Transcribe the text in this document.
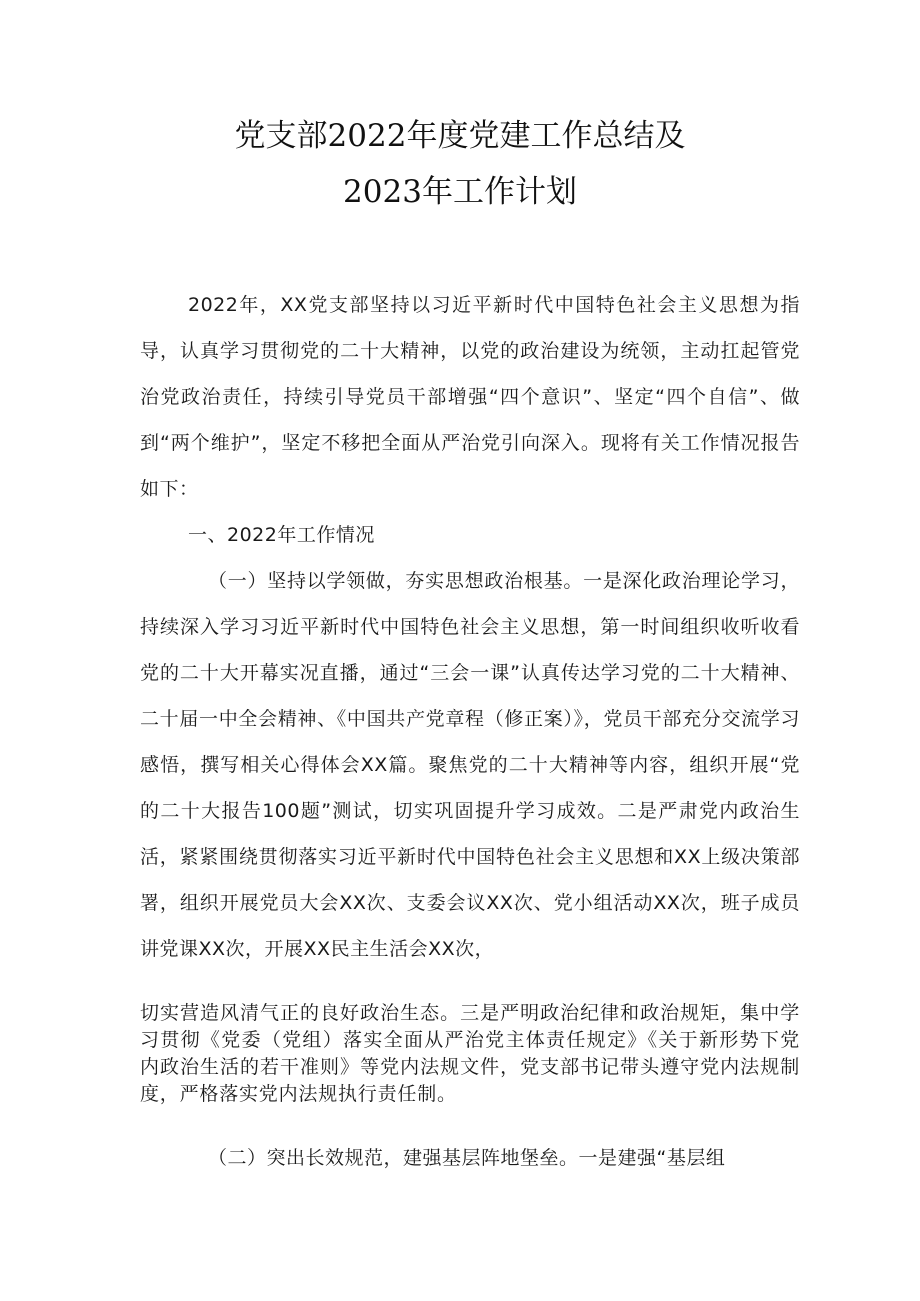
党支部2022年度党建工作总结及
2023年工作计划
2022年，XX党支部坚持以习近平新时代中国特色社会主义思想为指导，认真学习贯彻党的二十大精神，以党的政治建设为统领，主动扛起管党治党政治责任，持续引导党员干部增强“四个意识”、坚定“四个自信”、做到“两个维护”，坚定不移把全面从严治党引向深入。现将有关工作情况报告如下：
一、2022年工作情况
（一）坚持以学领做，夯实思想政治根基。一是深化政治理论学习，持续深入学习习近平新时代中国特色社会主义思想，第一时间组织收听收看党的二十大开幕实况直播，通过“三会一课”认真传达学习党的二十大精神、二十届一中全会精神、《中国共产党章程（修正案）》，党员干部充分交流学习感悟，撰写相关心得体会XX篇。聚焦党的二十大精神等内容，组织开展“党的二十大报告100题”测试，切实巩固提升学习成效。二是严肃党内政治生活，紧紧围绕贯彻落实习近平新时代中国特色社会主义思想和XX上级决策部署，组织开展党员大会XX次、支委会议XX次、党小组活动XX次，班子成员讲党课XX次，开展XX民主生活会XX次，
切实营造风清气正的良好政治生态。三是严明政治纪律和政治规矩，集中学习贯彻《党委（党组）落实全面从严治党主体责任规定》《关于新形势下党内政治生活的若干准则》等党内法规文件，党支部书记带头遵守党内法规制度，严格落实党内法规执行责任制。
（二）突出长效规范，建强基层阵地堡垒。一是建强“基层组
